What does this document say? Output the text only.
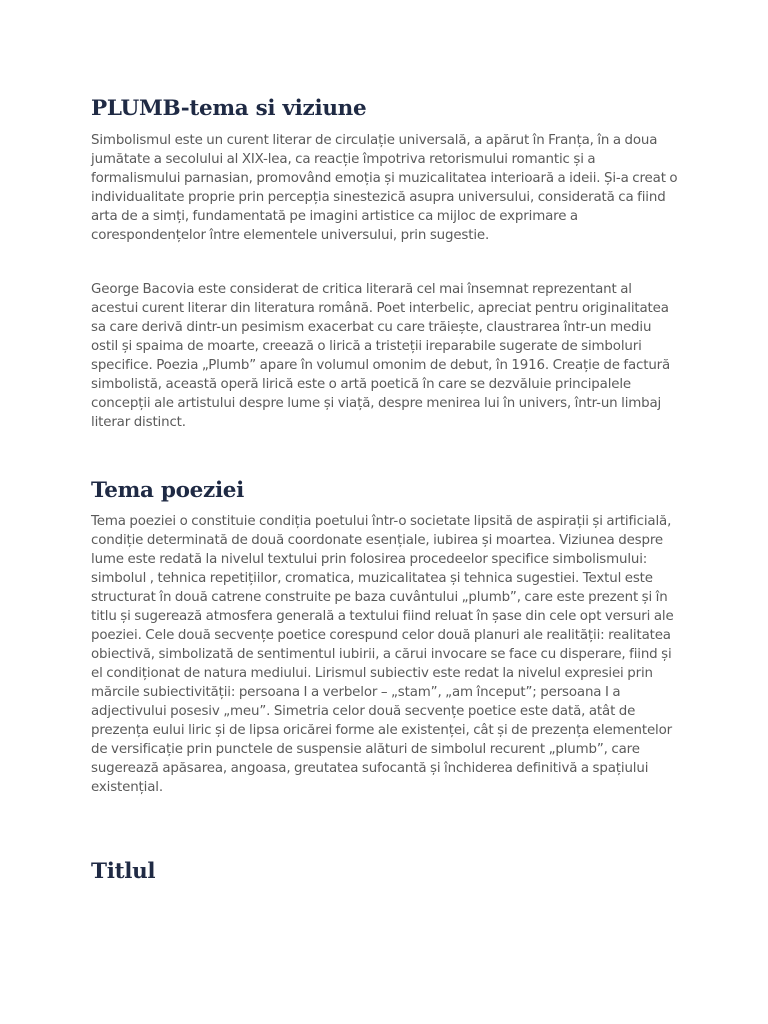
PLUMB-tema si viziune

Simbolismul este un curent literar de circulație universală, a apărut în Franța, în a doua jumătate a secolului al XIX-lea, ca reacție împotriva retorismului romantic și a formalismului parnasian, promovând emoția și muzicalitatea interioară a ideii. Și-a creat o individualitate proprie prin percepția sinestezică asupra universului, considerată ca fiind arta de a simți, fundamentată pe imagini artistice ca mijloc de exprimare a corespondențelor între elementele universului, prin sugestie.

George Bacovia este considerat de critica literară cel mai însemnat reprezentant al acestui curent literar din literatura română. Poet interbelic, apreciat pentru originalitatea sa care derivă dintr-un pesimism exacerbat cu care trăiește, claustrarea într-un mediu ostil și spaima de moarte, creează o lirică a tristeții ireparabile sugerate de simboluri specifice. Poezia „Plumb” apare în volumul omonim de debut, în 1916. Creație de factură simbolistă, această operă lirică este o artă poetică în care se dezvăluie principalele concepții ale artistului despre lume și viață, despre menirea lui în univers, într-un limbaj literar distinct.

Tema poeziei

Tema poeziei o constituie condiția poetului într-o societate lipsită de aspirații și artificială, condiție determinată de două coordonate esențiale, iubirea și moartea. Viziunea despre lume este redată la nivelul textului prin folosirea procedeelor specifice simbolismului: simbolul , tehnica repetițiilor, cromatica, muzicalitatea și tehnica sugestiei. Textul este structurat în două catrene construite pe baza cuvântului „plumb”, care este prezent și în titlu și sugerează atmosfera generală a textului fiind reluat în șase din cele opt versuri ale poeziei. Cele două secvențe poetice corespund celor două planuri ale realității: realitatea obiectivă, simbolizată de sentimentul iubirii, a cărui invocare se face cu disperare, fiind și el condiționat de natura mediului. Lirismul subiectiv este redat la nivelul expresiei prin mărcile subiectivității: persoana I a verbelor – „stam”, „am început”; persoana I a adjectivului posesiv „meu”. Simetria celor două secvențe poetice este dată, atât de prezența eului liric și de lipsa oricărei forme ale existenței, cât și de prezența elementelor de versificație prin punctele de suspensie alături de simbolul recurent „plumb”, care sugerează apăsarea, angoasa, greutatea sufocantă și închiderea definitivă a spațiului existențial.

Titlul
